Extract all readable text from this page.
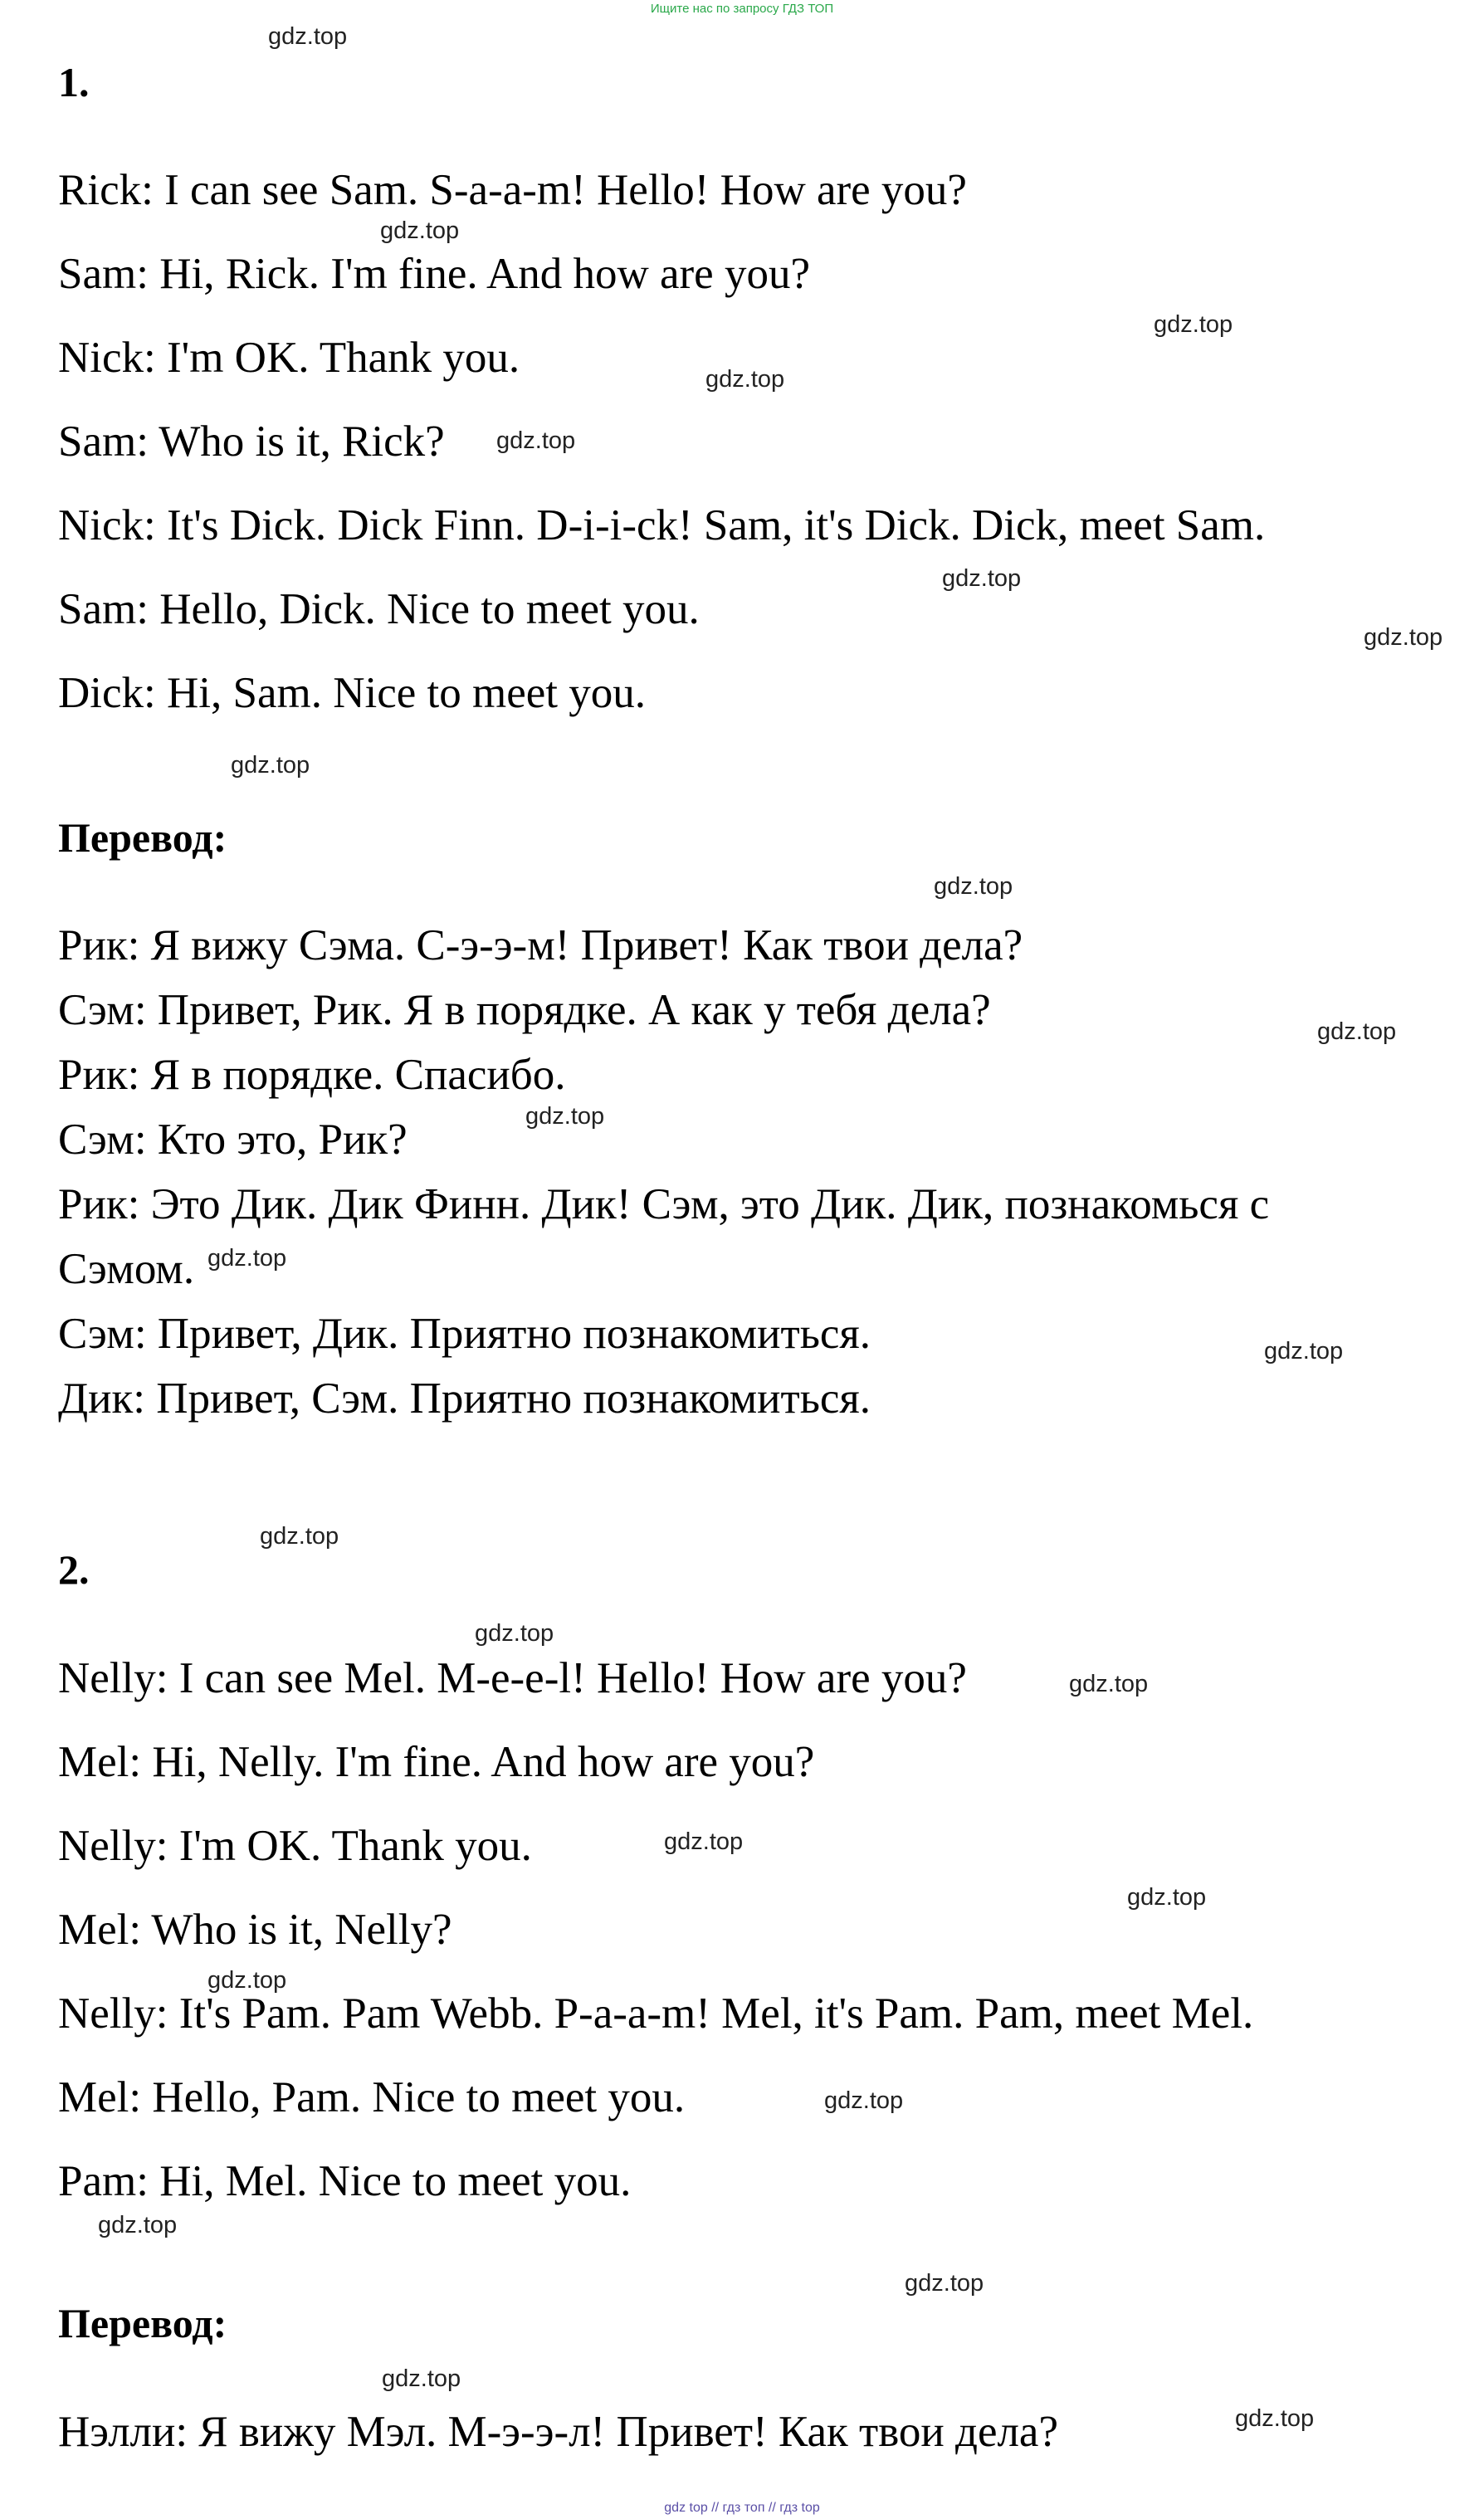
Ищите нас по запросу ГДЗ ТОП
1.
Rick: I can see Sam. S-a-a-m! Hello! How are you?
Sam: Hi, Rick. I'm fine. And how are you?
Nick: I'm OK. Thank you.
Sam: Who is it, Rick?
Nick: It's Dick. Dick Finn. D-i-i-ck! Sam, it's Dick. Dick, meet Sam.
Sam: Hello, Dick. Nice to meet you.
Dick: Hi, Sam. Nice to meet you.
Перевод:
Рик: Я вижу Сэма. С-э-э-м! Привет! Как твои дела?
Сэм: Привет, Рик. Я в порядке. А как у тебя дела?
Рик: Я в порядке. Спасибо.
Сэм: Кто это, Рик?
Рик: Это Дик. Дик Финн. Дик! Сэм, это Дик. Дик, познакомься с
Сэмом.
Сэм: Привет, Дик. Приятно познакомиться.
Дик: Привет, Сэм. Приятно познакомиться.
2.
Nelly: I can see Mel. M-e-e-l! Hello! How are you?
Mel: Hi, Nelly. I'm fine. And how are you?
Nelly: I'm OK. Thank you.
Mel: Who is it, Nelly?
Nelly: It's Pam. Pam Webb. P-a-a-m! Mel, it's Pam. Pam, meet Mel.
Mel: Hello, Pam. Nice to meet you.
Pam: Hi, Mel. Nice to meet you.
Перевод:
Нэлли: Я вижу Мэл. М-э-э-л! Привет! Как твои дела?
gdz.top
gdz.top
gdz.top
gdz.top
gdz.top
gdz.top
gdz.top
gdz.top
gdz.top
gdz.top
gdz.top
gdz.top
gdz.top
gdz.top
gdz.top
gdz.top
gdz.top
gdz.top
gdz.top
gdz.top
gdz.top
gdz.top
gdz.top
gdz.top
gdz top // гдз топ // гдз top
